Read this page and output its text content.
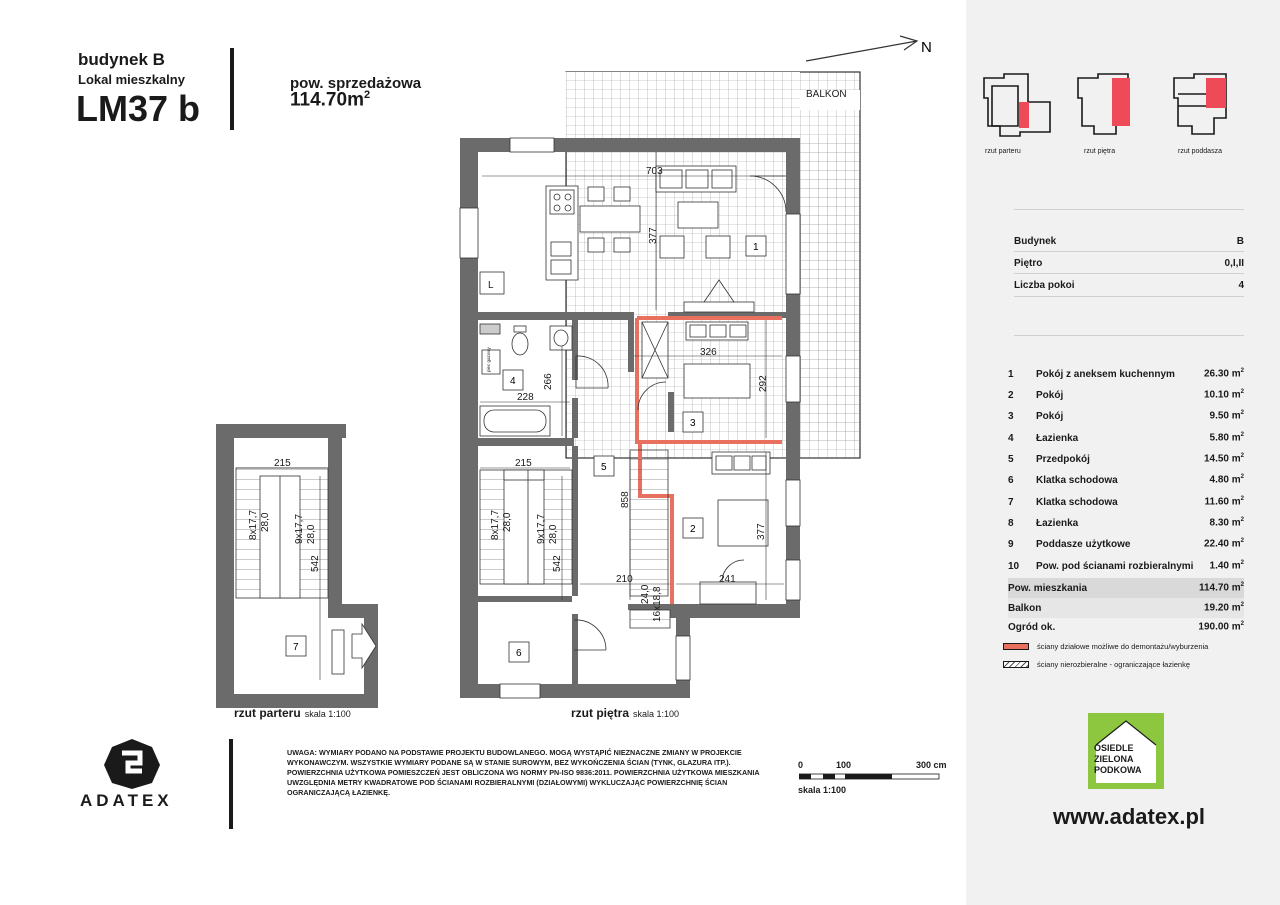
budynek B
Lokal mieszkalny
LM37 b
pow. sprzedażowa
$114.70m^2$
N
BALKON
L
piec gazowy
703
377
326
292
266
228
215	215
858
377
210	241
542	542
8x17,7 28,0 9x17,7 28,0	8x17,7 28,0 9x17,7 28,0
24,0 16x18,8
1
2
3
4
5
6
7
rzut parteru skala 1:100	rzut piętra skala 1:100
ADATEX
UWAGA: WYMIARY PODANO NA PODSTAWIE PROJEKTU BUDOWLANEGO. MOGĄ WYSTĄPIĆ NIEZNACZNE ZMIANY W PROJEKCIE WYKONAWCZYM. WSZYSTKIE WYMIARY PODANE SĄ W STANIE SUROWYM, BEZ WYKOŃCZENIA ŚCIAN (TYNK, GLAZURA ITP.). POWIERZCHNIA UŻYTKOWA POMIESZCZEŃ JEST OBLICZONA WG NORMY PN-ISO 9836:2011. POWIERZCHNIA UŻYTKOWA MIESZKANIA UWZGLĘDNIA METRY KWADRATOWE POD ŚCIANAMI ROZBIERALNYMI (DZIAŁOWYMI) WYKLUCZAJĄC POWIERZCHNIĘ ŚCIAN OGRANICZAJĄCĄ ŁAZIENKĘ.
0	100	300 cm
skala 1:100
rzut parteru	rzut piętra	rzut poddasza
Budynek	B
Piętro	0,I,II
Liczba pokoi	4
1	Pokój z aneksem kuchennym	26.30 $m^2$
2	Pokój	10.10 $m^2$
3	Pokój	9.50 $m^2$
4	Łazienka	5.80 $m^2$
5	Przedpokój	14.50 $m^2$
6	Klatka schodowa	4.80 $m^2$
7	Klatka schodowa	11.60 $m^2$
8	Łazienka	8.30 $m^2$
9	Poddasze użytkowe	22.40 $m^2$
10	Pow. pod ścianami rozbieralnymi	1.40 $m^2$
Pow. mieszkania	114.70 $m^2$
Balkon	19.20 $m^2$
Ogród ok.	190.00 $m^2$
ściany działowe możliwe do demontażu/wyburzenia
ściany nierozbieralne - ograniczające łazienkę
OSIEDLE
ZIELONA
PODKOWA
www.adatex.pl
